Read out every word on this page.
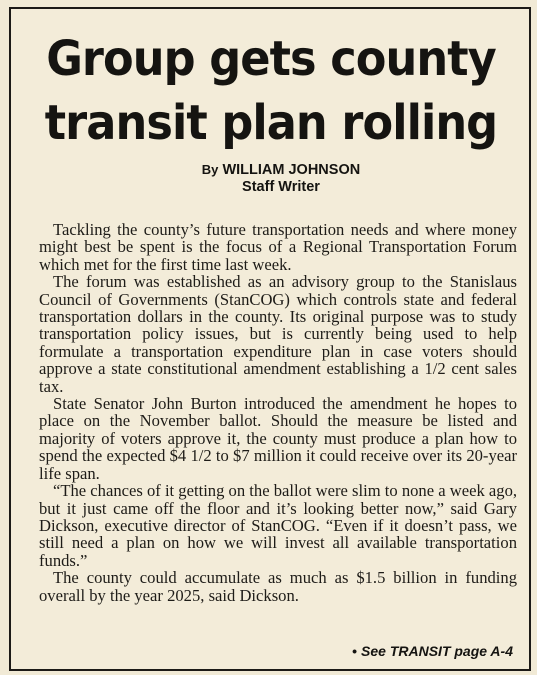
Group gets county transit plan rolling
By WILLIAM JOHNSON
Staff Writer

Tackling the county’s future transportation needs and where money might best be spent is the focus of a Regional Transportation Forum which met for the first time last week.

The forum was established as an advisory group to the Stanislaus Council of Governments (StanCOG) which controls state and federal transportation dollars in the county. Its original purpose was to study transportation policy issues, but is currently being used to help formulate a transportation expenditure plan in case voters should approve a state constitutional amendment establishing a 1/2 cent sales tax.

State Senator John Burton introduced the amendment he hopes to place on the November ballot. Should the measure be listed and majority of voters approve it, the county must produce a plan how to spend the expected $4 1/2 to $7 million it could receive over its 20-year life span.

“The chances of it getting on the ballot were slim to none a week ago, but it just came off the floor and it’s looking better now,” said Gary Dickson, executive director of StanCOG. “Even if it doesn’t pass, we still need a plan on how we will invest all available transportation funds.”

The county could accumulate as much as $1.5 billion in funding overall by the year 2025, said Dickson.

• See TRANSIT page A-4
